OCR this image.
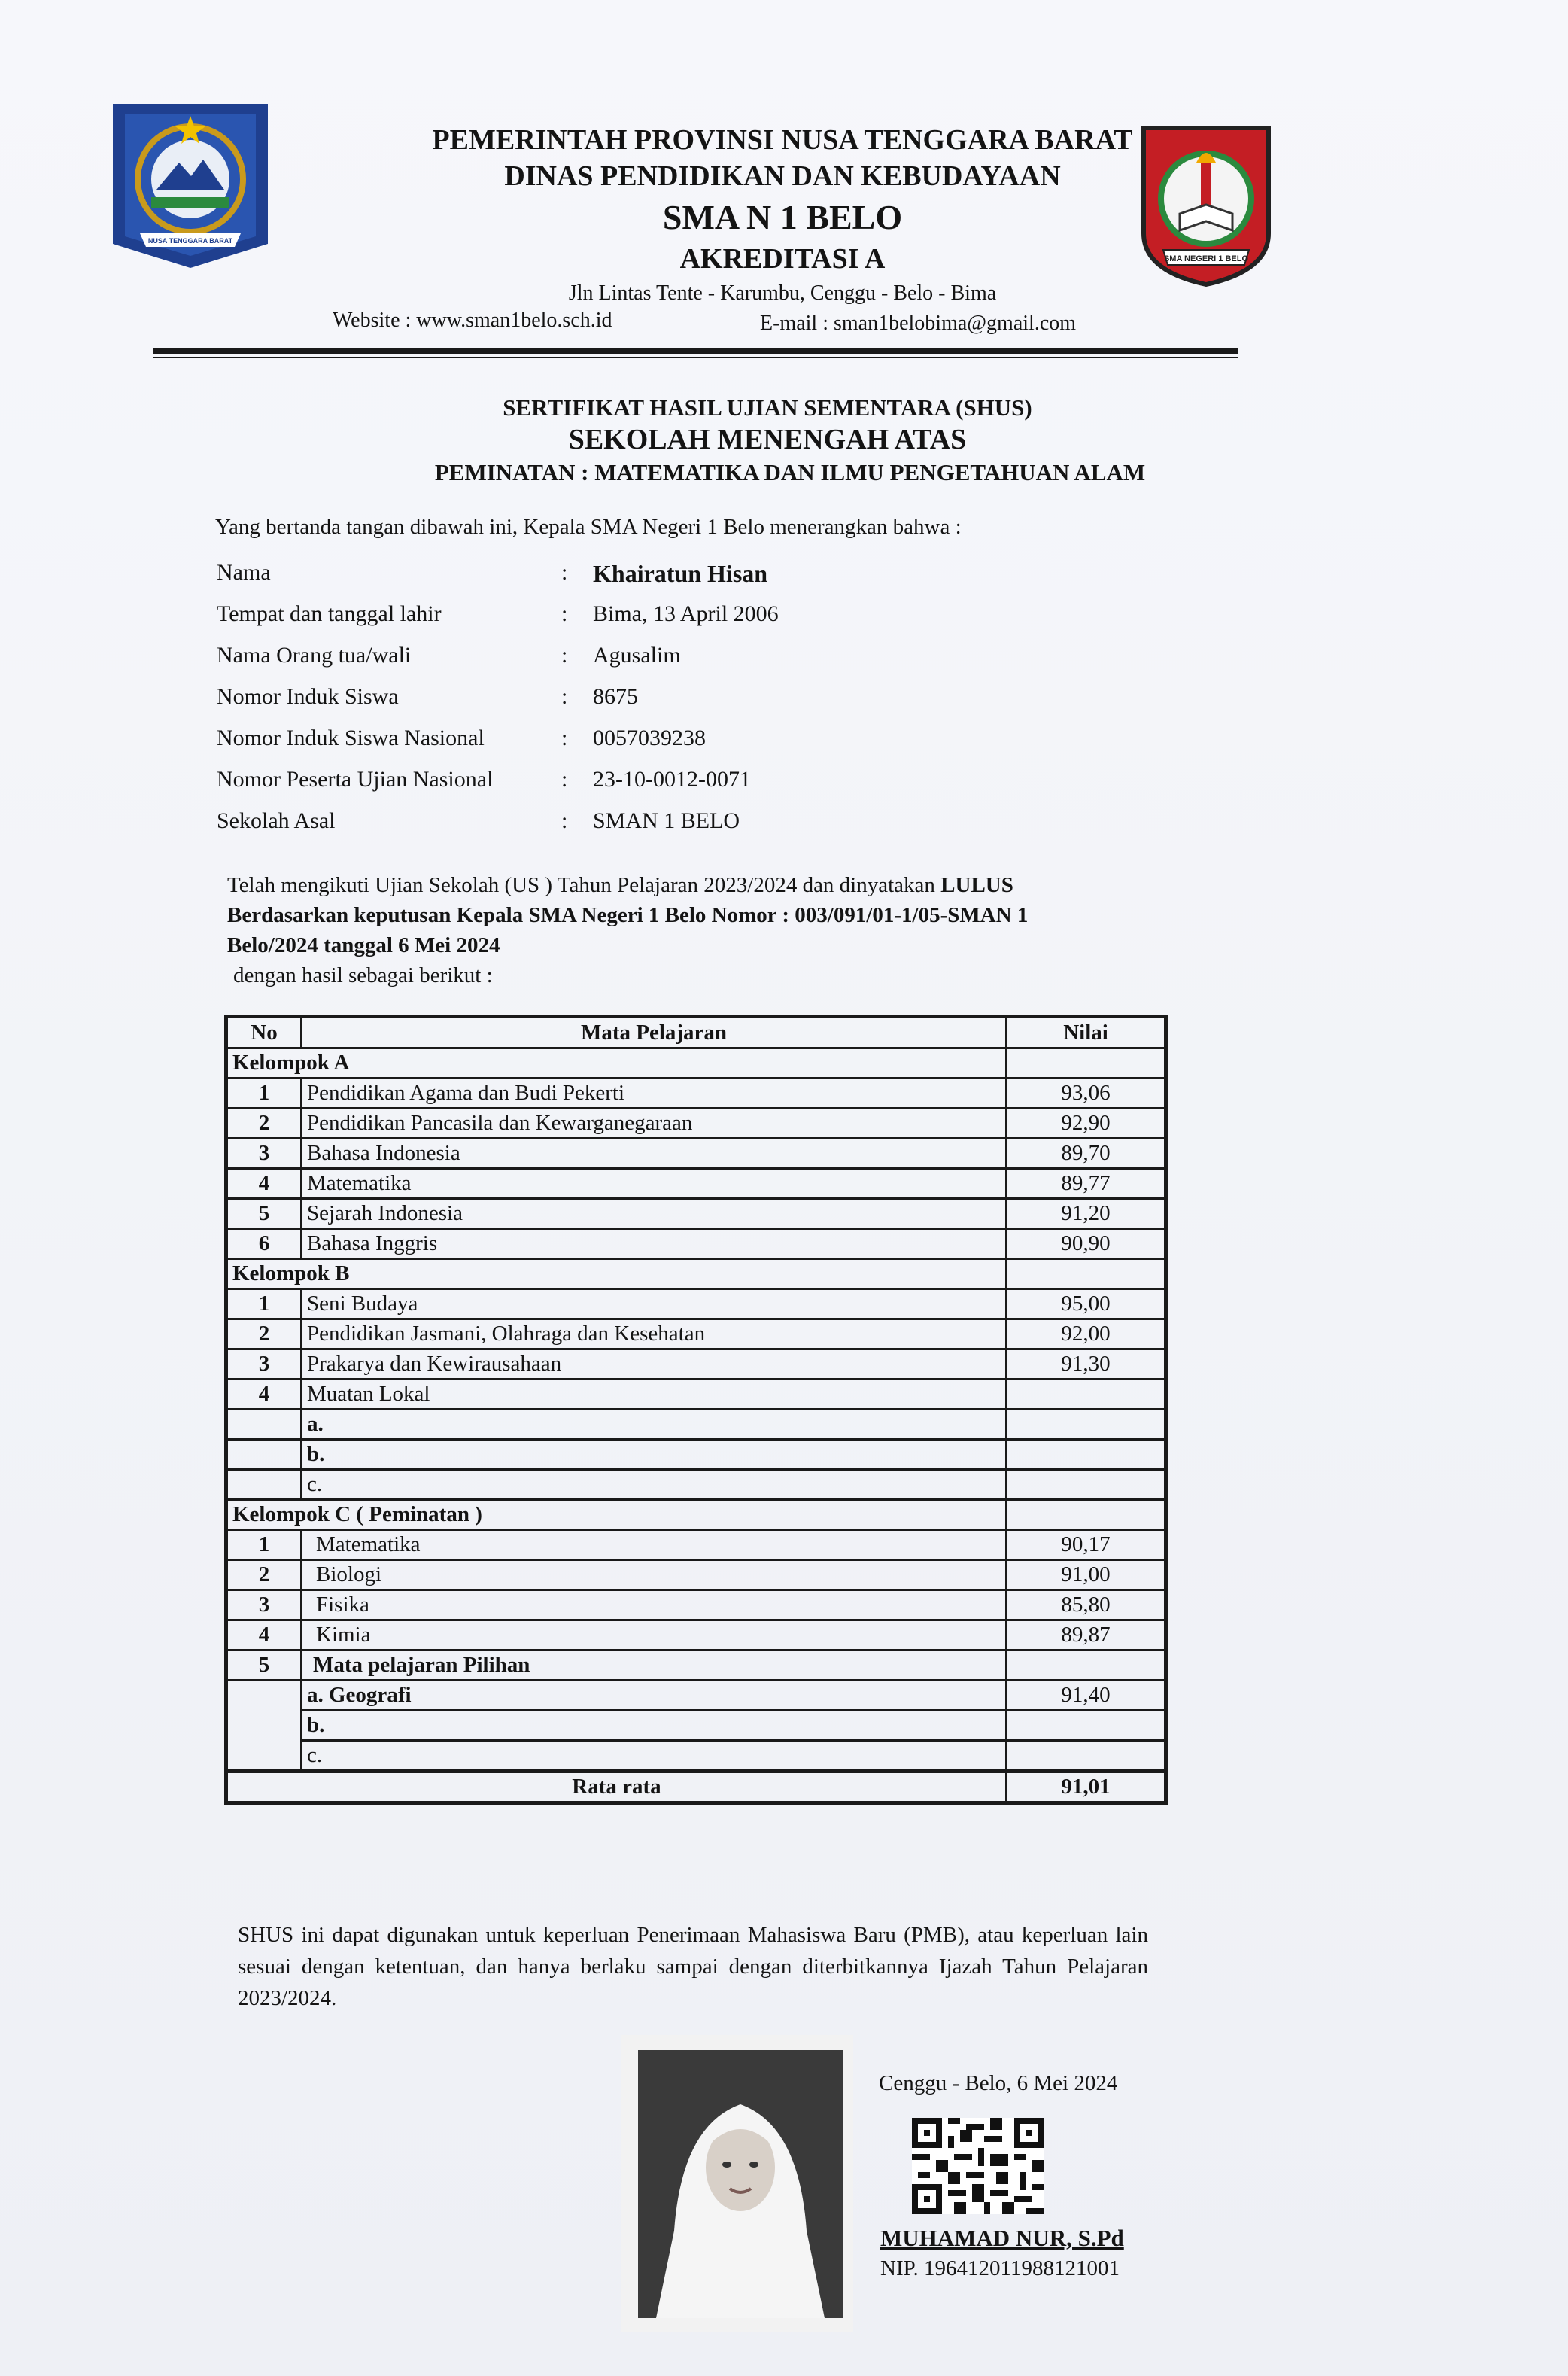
NUSA TENGGARA BARAT
SMA NEGERI 1 BELO
PEMERINTAH PROVINSI NUSA TENGGARA BARAT
DINAS PENDIDIKAN DAN KEBUDAYAAN
SMA N 1 BELO
AKREDITASI A
Jln Lintas Tente - Karumbu, Cenggu - Belo - Bima
Website : www.sman1belo.sch.id	E-mail : sman1belobima@gmail.com
SERTIFIKAT HASIL UJIAN SEMENTARA (SHUS)
SEKOLAH MENENGAH ATAS
PEMINATAN : MATEMATIKA DAN ILMU PENGETAHUAN ALAM
Yang bertanda tangan dibawah ini, Kepala SMA Negeri 1 Belo menerangkan bahwa :
Nama	: Khairatun Hisan
Tempat dan tanggal lahir	: Bima, 13 April 2006
Nama Orang tua/wali	: Agusalim
Nomor Induk Siswa	: 8675
Nomor Induk Siswa Nasional	: 0057039238
Nomor Peserta Ujian Nasional	: 23-10-0012-0071
Sekolah Asal	: SMAN 1 BELO
Telah mengikuti Ujian Sekolah (US ) Tahun Pelajaran 2023/2024 dan dinyatakan LULUS
Berdasarkan keputusan Kepala SMA Negeri 1 Belo Nomor : 003/091/01-1/05-SMAN 1 Belo/2024 tanggal 6 Mei 2024
dengan hasil sebagai berikut :
No	Mata Pelajaran	Nilai
Kelompok A		
1	Pendidikan Agama dan Budi Pekerti	93,06
2	Pendidikan Pancasila dan Kewarganegaraan	92,90
3	Bahasa Indonesia	89,70
4	Matematika	89,77
5	Sejarah Indonesia	91,20
6	Bahasa Inggris	90,90
Kelompok B		
1	Seni Budaya	95,00
2	Pendidikan Jasmani, Olahraga dan Kesehatan	92,00
3	Prakarya dan Kewirausahaan	91,30
4	Muatan Lokal	
	a.	
	b.	
	c.	
Kelompok C ( Peminatan )		
1	Matematika	90,17
2	Biologi	91,00
3	Fisika	85,80
4	Kimia	89,87
5	Mata pelajaran Pilihan	
	a. Geografi	91,40
	b.	
	c.	
Rata rata		91,01
SHUS ini dapat digunakan untuk keperluan Penerimaan Mahasiswa Baru (PMB), atau keperluan lain sesuai dengan ketentuan, dan hanya berlaku sampai dengan diterbitkannya Ijazah Tahun Pelajaran 2023/2024.
Cenggu - Belo, 6 Mei 2024
MUHAMAD NUR, S.Pd
NIP. 196412011988121001
